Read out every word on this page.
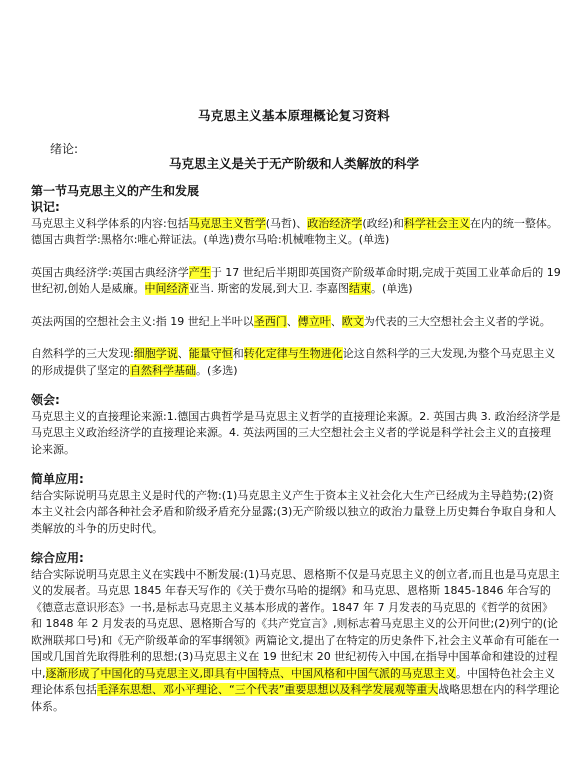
马克思主义基本原理概论复习资料
绪论:
马克思主义是关于无产阶级和人类解放的科学
第一节马克思主义的产生和发展
识记:

马克思主义科学体系的内容:包括马克思主义哲学(马哲)、政治经济学(政经)和科学社会主义在内的统一整体。

德国古典哲学:黑格尔:唯心辩证法。(单选)费尔马哈:机械唯物主义。(单选)

英国古典经济学:英国古典经济学产生于 17 世纪后半期即英国资产阶级革命时期,完成于英国工业革命后的 19 世纪初,创始人是威廉。中间经济亚当. 斯密的发展,到大卫. 李嘉图结束。(单选)

英法两国的空想社会主义:指 19 世纪上半叶以圣西门、傅立叶、欧文为代表的三大空想社会主义者的学说。

自然科学的三大发现:细胞学说、能量守恒和转化定律与生物进化论这自然科学的三大发现,为整个马克思主义的形成提供了坚定的自然科学基础。(多选)

领会:

马克思主义的直接理论来源:1.德国古典哲学是马克思主义哲学的直接理论来源。2. 英国古典 3. 政治经济学是马克思主义政治经济学的直接理论来源。4. 英法两国的三大空想社会主义者的学说是科学社会主义的直接理论来源。

简单应用:

结合实际说明马克思主义是时代的产物:(1)马克思主义产生于资本主义社会化大生产已经成为主导趋势;(2)资本主义社会内部各种社会矛盾和阶级矛盾充分显露;(3)无产阶级以独立的政治力量登上历史舞台争取自身和人类解放的斗争的历史时代。

综合应用:

结合实际说明马克思主义在实践中不断发展:(1)马克思、恩格斯不仅是马克思主义的创立者,而且也是马克思主义的发展者。马克思 1845 年春天写作的《关于费尔马哈的提纲》和马克思、恩格斯 1845-1846 年合写的《德意志意识形态》一书,是标志马克思主义基本形成的著作。1847 年 7 月发表的马克思的《哲学的贫困》和 1848 年 2 月发表的马克思、恩格斯合写的《共产党宣言》,则标志着马克思主义的公开问世;(2)列宁的(论欧洲联邦口号)和《无产阶级革命的军事纲领》两篇论文,提出了在特定的历史条件下,社会主义革命有可能在一国或几国首先取得胜利的思想;(3)马克思主义在 19 世纪末 20 世纪初传入中国,在指导中国革命和建设的过程中,逐渐形成了中国化的马克思主义,即具有中国特点、中国风格和中国气派的马克思主义。中国特色社会主义理论体系包括毛泽东思想、邓小平理论、“三个代表”重要思想以及科学发展观等重大战略思想在内的科学理论体系。
